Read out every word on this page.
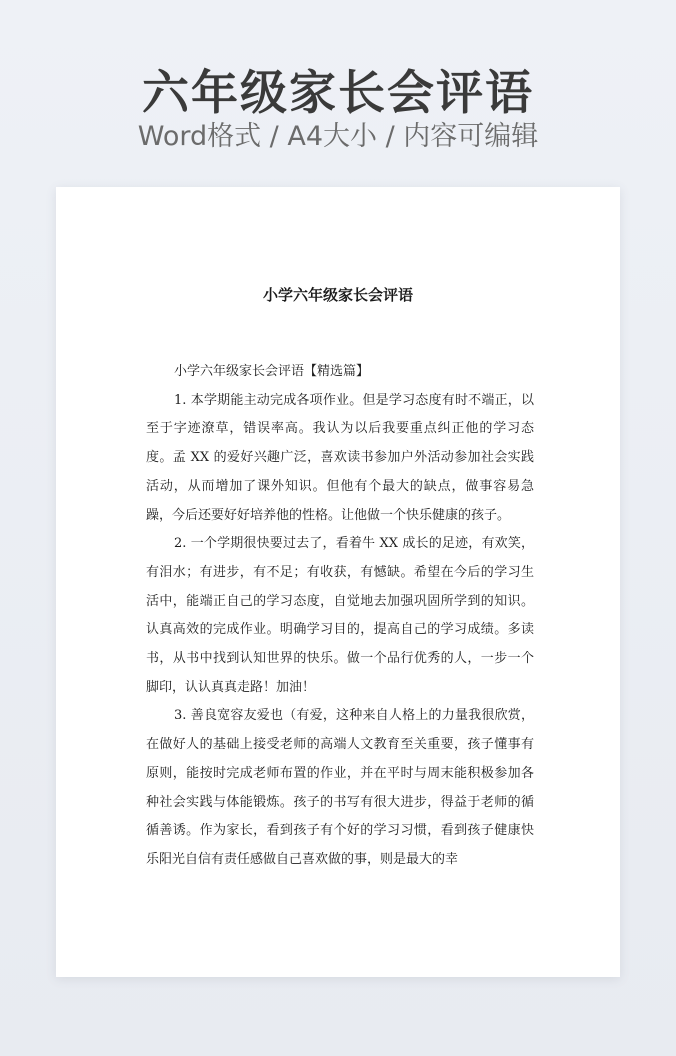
六年级家长会评语
Word格式 / A4大小 / 内容可编辑
小学六年级家长会评语

小学六年级家长会评语【精选篇】

1. 本学期能主动完成各项作业。但是学习态度有时不端正，以至于字迹潦草，错误率高。我认为以后我要重点纠正他的学习态度。孟 XX 的爱好兴趣广泛，喜欢读书参加户外活动参加社会实践活动，从而增加了课外知识。但他有个最大的缺点，做事容易急躁，今后还要好好培养他的性格。让他做一个快乐健康的孩子。

2. 一个学期很快要过去了，看着牛 XX 成长的足迹，有欢笑，有泪水；有进步，有不足；有收获，有憾缺。希望在今后的学习生活中，能端正自己的学习态度，自觉地去加强巩固所学到的知识。认真高效的完成作业。明确学习目的，提高自己的学习成绩。多读书，从书中找到认知世界的快乐。做一个品行优秀的人，一步一个脚印，认认真真走路！加油！

3. 善良宽容友爱也（有爱，这种来自人格上的力量我很欣赏，在做好人的基础上接受老师的高端人文教育至关重要，孩子懂事有原则，能按时完成老师布置的作业，并在平时与周末能积极参加各种社会实践与体能锻炼。孩子的书写有很大进步，得益于老师的循循善诱。作为家长，看到孩子有个好的学习习惯，看到孩子健康快乐阳光自信有责任感做自己喜欢做的事，则是最大的幸
